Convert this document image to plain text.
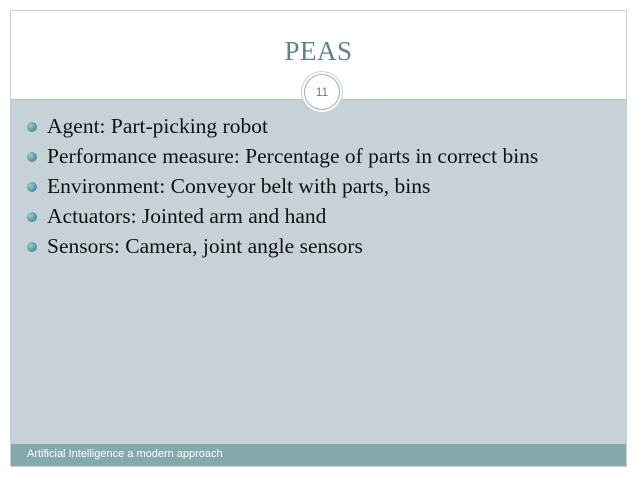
PEAS
11
Agent: Part-picking robot
Performance measure: Percentage of parts in correct bins
Environment: Conveyor belt with parts, bins
Actuators: Jointed arm and hand
Sensors: Camera, joint angle sensors
Artificial Intelligence a modern approach
